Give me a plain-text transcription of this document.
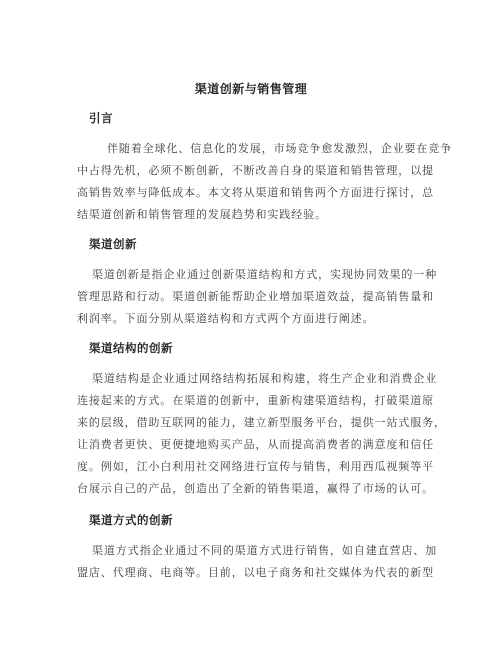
渠道创新与销售管理
引言
伴随着全球化、信息化的发展，市场竞争愈发激烈，企业要在竞争
中占得先机，必须不断创新，不断改善自身的渠道和销售管理，以提
高销售效率与降低成本。本文将从渠道和销售两个方面进行探讨，总
结渠道创新和销售管理的发展趋势和实践经验。
渠道创新
渠道创新是指企业通过创新渠道结构和方式，实现协同效果的一种
管理思路和行动。渠道创新能帮助企业增加渠道效益，提高销售量和
利润率。下面分别从渠道结构和方式两个方面进行阐述。
渠道结构的创新
渠道结构是企业通过网络结构拓展和构建，将生产企业和消费企业
连接起来的方式。在渠道的创新中，重新构建渠道结构，打破渠道原
来的层级，借助互联网的能力，建立新型服务平台，提供一站式服务，
让消费者更快、更便捷地购买产品，从而提高消费者的满意度和信任
度。例如，江小白利用社交网络进行宣传与销售，利用西瓜视频等平
台展示自己的产品，创造出了全新的销售渠道，赢得了市场的认可。
渠道方式的创新
渠道方式指企业通过不同的渠道方式进行销售，如自建直营店、加
盟店、代理商、电商等。目前，以电子商务和社交媒体为代表的新型
